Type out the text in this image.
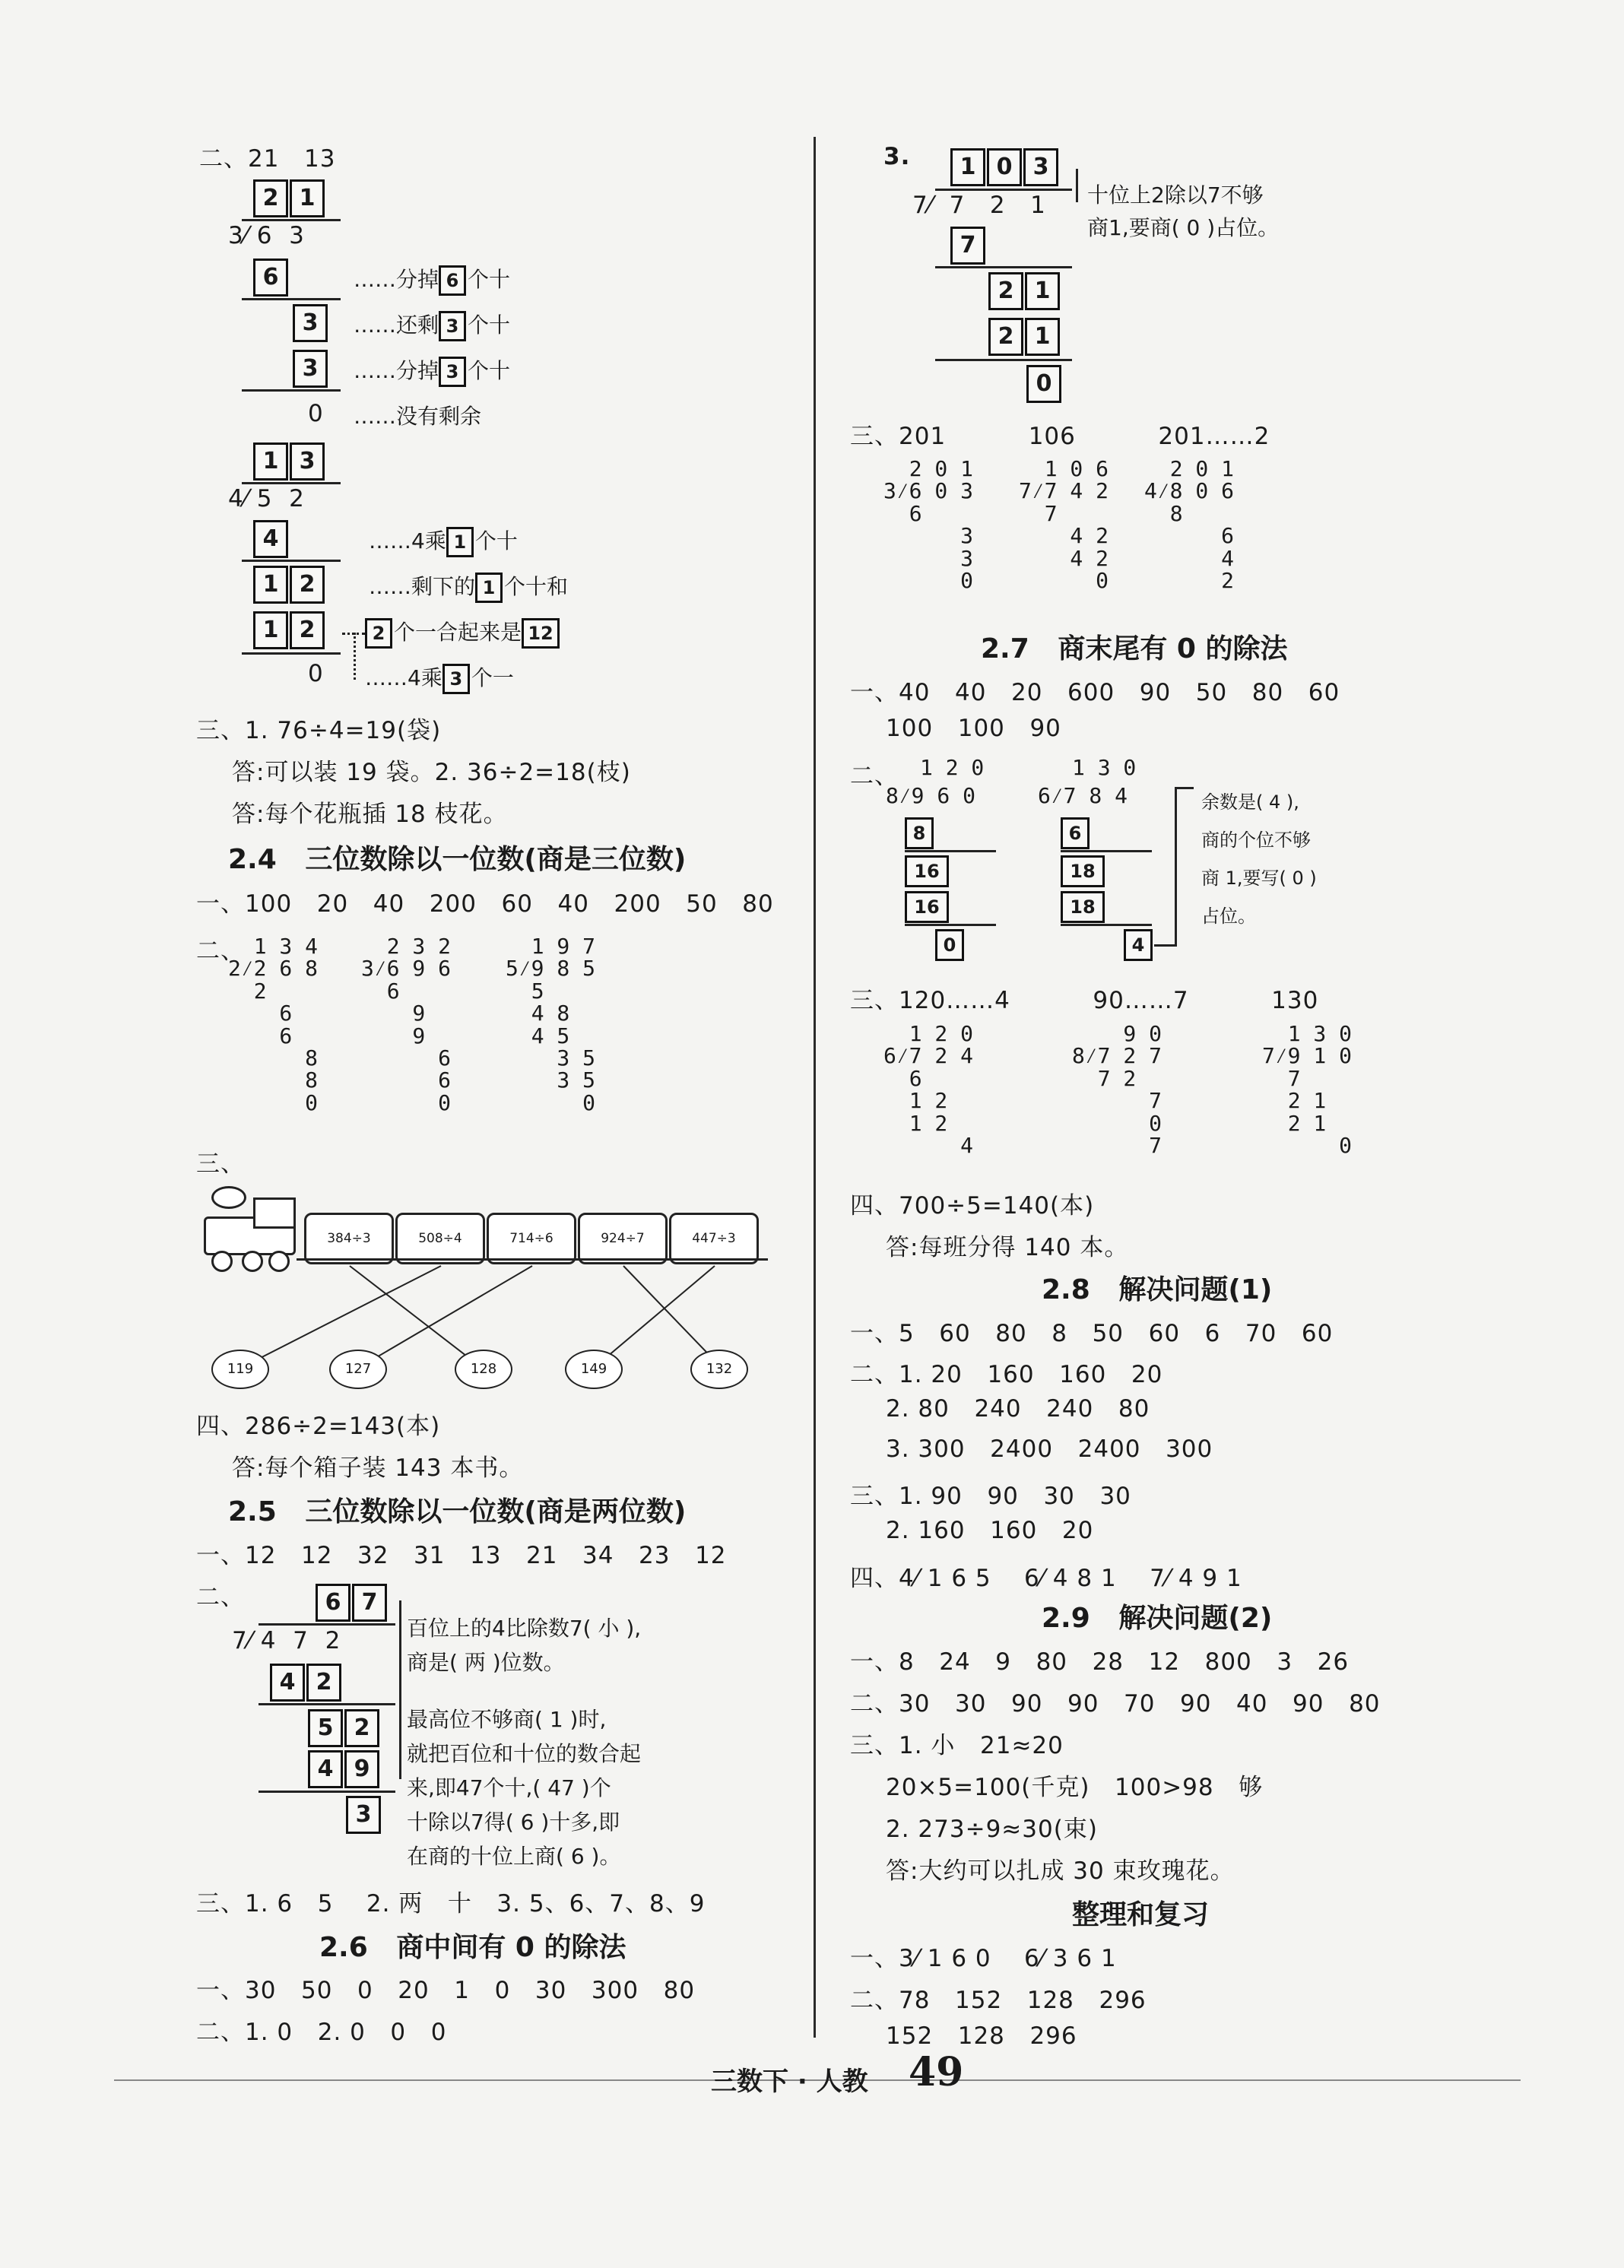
二、21   13
2 1
3⁄ 6  3
6	……分掉 6 个十
3	……还剩 3 个十
3	……分掉 3 个十
0 ……没有剩余
1 3
4⁄ 5  2
4	……4乘 1 个十
1 2	……剩下的 1 个十和
1 2	2 个一合起来是 12
0 ……4乘 3 个一
三、1. 76÷4=19(袋)
答:可以装 19 袋。2. 36÷2=18(枝)
答:每个花瓶插 18 枝花。
2.4   三位数除以一位数(商是三位数)
一、100   20   40   200   60   40   200   50   80
二、 1 3 4
2⁄2 6 8
2
6
6
8
8
0
2 3 2
3⁄6 9 6
6
9
9
6
6
0
1 9 7
5⁄9 8 5
5
4 8
4 5
3 5
3 5
0
三、
384÷3	508÷4	714÷6	924÷7	447÷3
119	127	128	149	132
四、286÷2=143(本)
答:每个箱子装 143 本书。
2.5   三位数除以一位数(商是两位数)
一、12   12   32   31   13   21   34   23   12
二、	6 7
7⁄ 4  7  2
4 2
5 2
4 9
3
百位上的4比除数7( 小 ),
商是( 两 )位数。
最高位不够商( 1 )时,
就把百位和十位的数合起
来,即47个十,( 47 )个
十除以7得( 6 )十多,即
在商的十位上商( 6 )。
三、1. 6   5    2. 两   十   3. 5、6、7、8、9
2.6   商中间有 0 的除法
一、30   50   0   20   1   0   30   300   80
二、1. 0   2. 0   0   0
3.	1 0 3
7⁄  7   2   1 十位上2除以7不够
商1,要商( 0 )占位。
7
2 1
2 1
0
三、201          106          201……2
2 0 1
3⁄6 0 3
6
3
3
0
1 0 6
7⁄7 4 2
7
4 2
4 2
0
2 0 1
4⁄8 0 6
8
6
4
2
2.7   商末尾有 0 的除法
一、40   40   20   600   90   50   80   60
100   100   90
二、 1 2 0
8⁄9 6 0
8
16
16
0
1 3 0
6⁄7 8 4
6
18
18
4
余数是( 4 ),
商的个位不够
商 1,要写( 0 )
占位。
三、120……4          90……7          130
1 2 0
6⁄7 2 4
6
1 2
1 2
4
9 0
8⁄7 2 7
7 2
7
0
7
1 3 0
7⁄9 1 0
7
2 1
2 1
0
四、700÷5=140(本)
答:每班分得 140 本。
2.8   解决问题(1)
一、5   60   80   8   50   60   6   70   60
二、1. 20   160   160   20
2. 80   240   240   80
3. 300   2400   2400   300
三、1. 90   90   30   30
2. 160   160   20
四、4⁄ 1 6 5    6⁄ 4 8 1    7⁄ 4 9 1
2.9   解决问题(2)
一、8   24   9   80   28   12   800   3   26
二、30   30   90   90   70   90   40   90   80
三、1. 小   21≈20
20×5=100(千克)   100>98   够
2. 273÷9≈30(束)
答:大约可以扎成 30 束玫瑰花。
整理和复习
一、3⁄ 1 6 0    6⁄ 3 6 1
二、78   152   128   296
152   128   296
三数下 · 人教 49
